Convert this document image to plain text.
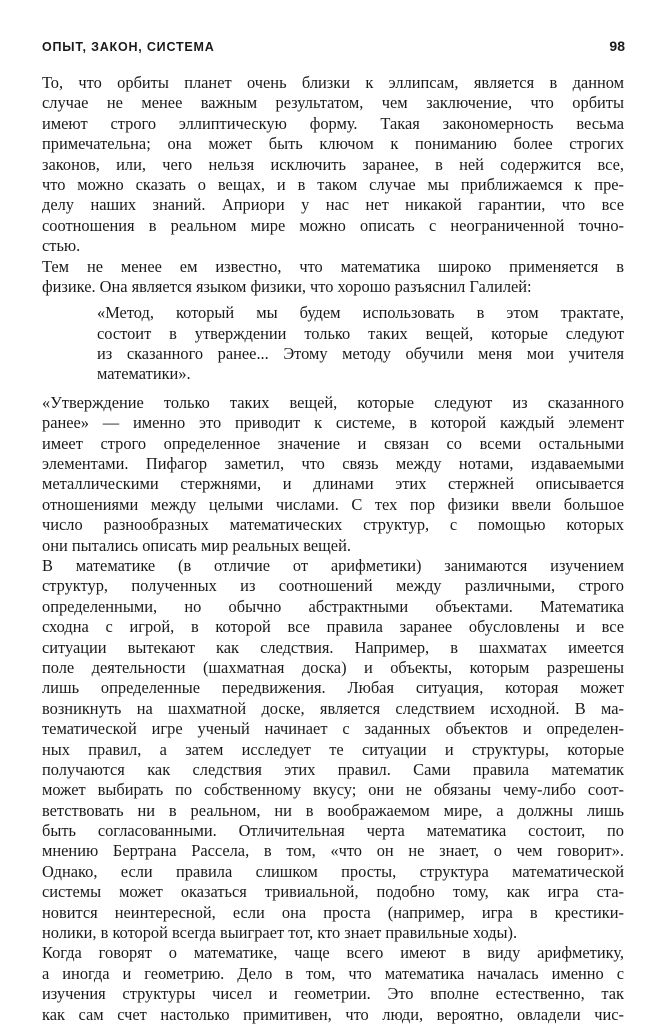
ОПЫТ, ЗАКОН, СИСТЕМА	98
То, что орбиты планет очень близки к эллипсам, является в данном
случае не менее важным результатом, чем заключение, что орбиты
имеют строго эллиптическую форму. Такая закономерность весьма
примечательна; она может быть ключом к пониманию более строгих
законов, или, чего нельзя исключить заранее, в ней содержится все,
что можно сказать о вещах, и в таком случае мы приближаемся к пре-
делу наших знаний. Априори у нас нет никакой гарантии, что все
соотношения в реальном мире можно описать с неограниченной точно-
стью.
Тем не менее ем известно, что математика широко применяется в
физике. Она является языком физики, что хорошо разъяснил Галилей:
«Метод, который мы будем использовать в этом трактате,
состоит в утверждении только таких вещей, которые следуют
из сказанного ранее... Этому методу обучили меня мои учителя
математики».
«Утверждение только таких вещей, которые следуют из сказанного
ранее» — именно это приводит к системе, в которой каждый элемент
имеет строго определенное значение и связан со всеми остальными
элементами. Пифагор заметил, что связь между нотами, издаваемыми
металлическими стержнями, и длинами этих стержней описывается
отношениями между целыми числами. С тех пор физики ввели большое
число разнообразных математических структур, с помощью которых
они пытались описать мир реальных вещей.
В математике (в отличие от арифметики) занимаются изучением
структур, полученных из соотношений между различными, строго
определенными, но обычно абстрактными объектами. Математика
сходна с игрой, в которой все правила заранее обусловлены и все
ситуации вытекают как следствия. Например, в шахматах имеется
поле деятельности (шахматная доска) и объекты, которым разрешены
лишь определенные передвижения. Любая ситуация, которая может
возникнуть на шахматной доске, является следствием исходной. В ма-
тематической игре ученый начинает с заданных объектов и определен-
ных правил, а затем исследует те ситуации и структуры, которые
получаются как следствия этих правил. Сами правила математик
может выбирать по собственному вкусу; они не обязаны чему-либо соот-
ветствовать ни в реальном, ни в воображаемом мире, а должны лишь
быть согласованными. Отличительная черта математика состоит, по
мнению Бертрана Рассела, в том, «что он не знает, о чем говорит».
Однако, если правила слишком просты, структура математической
системы может оказаться тривиальной, подобно тому, как игра ста-
новится неинтересной, если она проста (например, игра в крестики-
нолики, в которой всегда выиграет тот, кто знает правильные ходы).
Когда говорят о математике, чаще всего имеют в виду арифметику,
а иногда и геометрию. Дело в том, что математика началась именно с
изучения структуры чисел и геометрии. Это вполне естественно, так
как сам счет настолько примитивен, что люди, вероятно, овладели чис-
